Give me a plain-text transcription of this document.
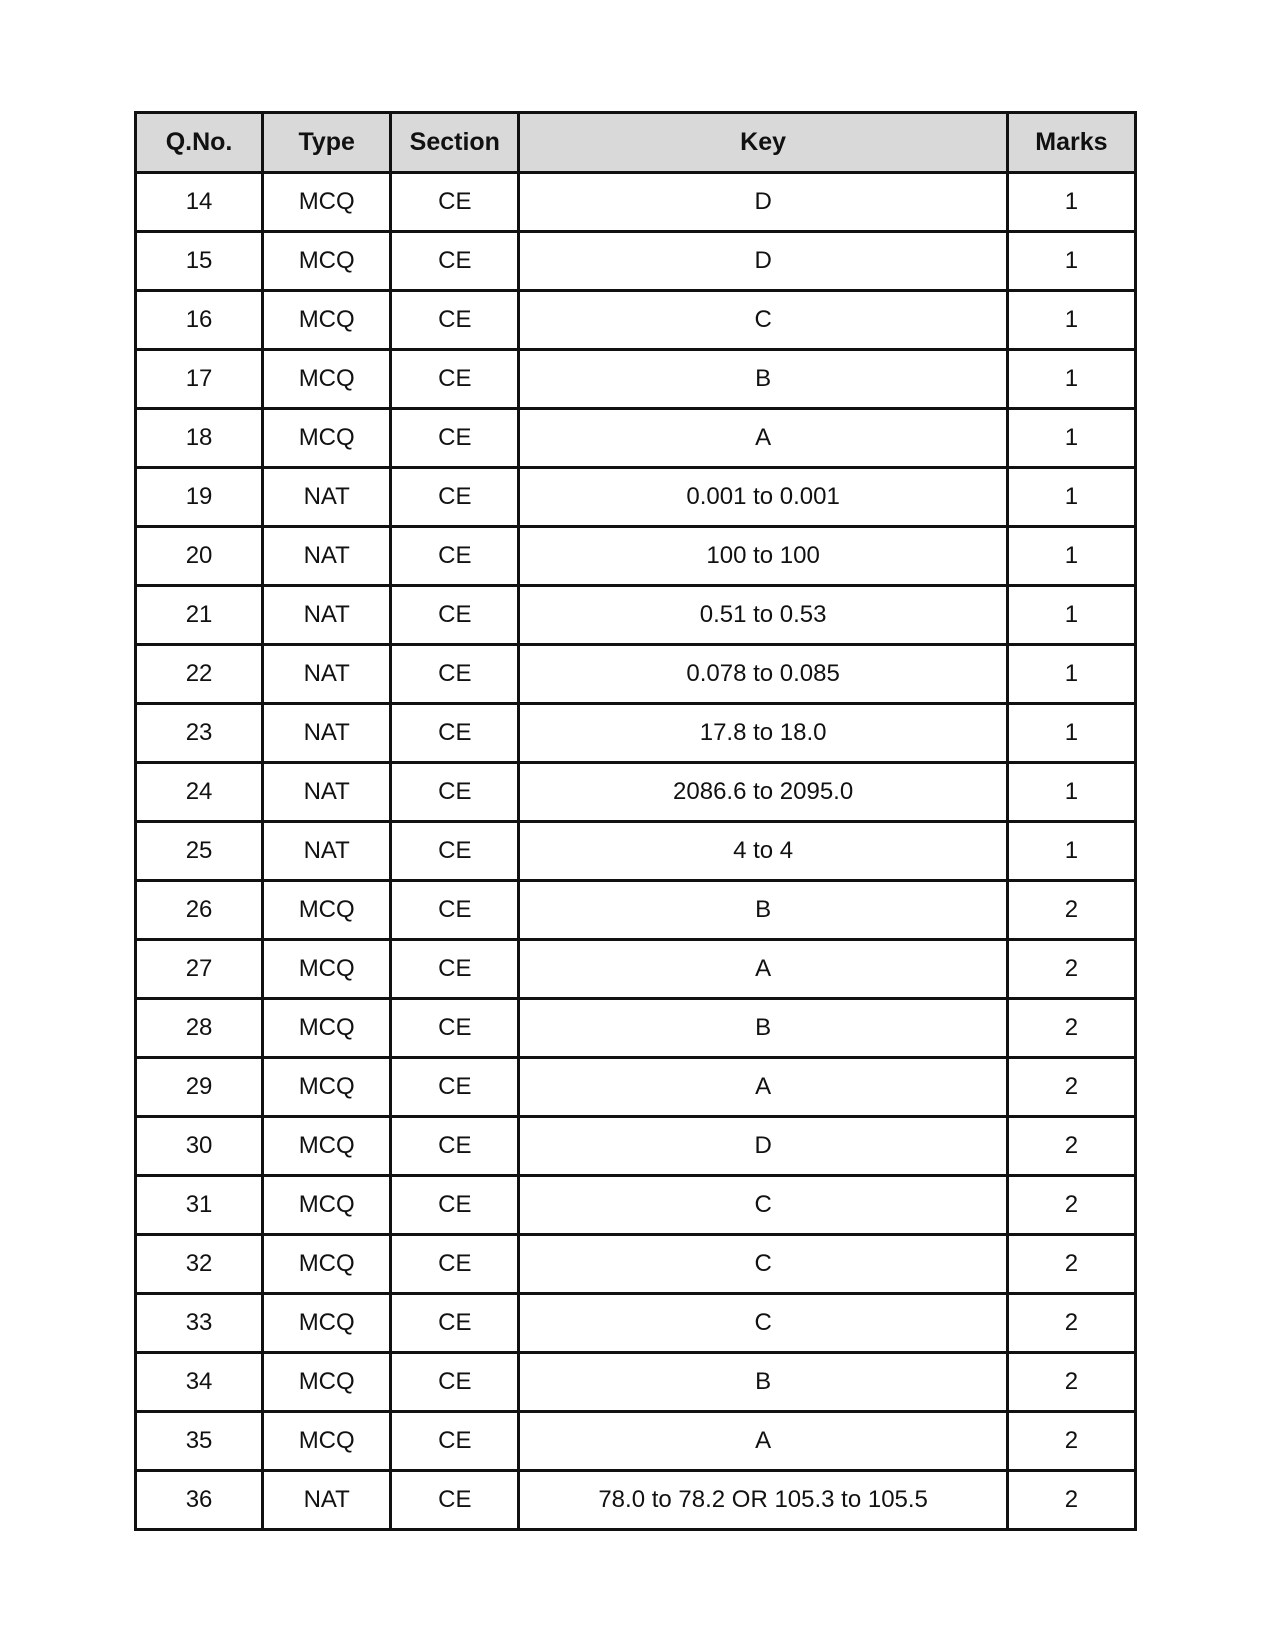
Q.No.	Type	Section	Key	Marks
14	MCQ	CE	D	1
15	MCQ	CE	D	1
16	MCQ	CE	C	1
17	MCQ	CE	B	1
18	MCQ	CE	A	1
19	NAT	CE	0.001 to 0.001	1
20	NAT	CE	100 to 100	1
21	NAT	CE	0.51 to 0.53	1
22	NAT	CE	0.078 to 0.085	1
23	NAT	CE	17.8 to 18.0	1
24	NAT	CE	2086.6 to 2095.0	1
25	NAT	CE	4 to 4	1
26	MCQ	CE	B	2
27	MCQ	CE	A	2
28	MCQ	CE	B	2
29	MCQ	CE	A	2
30	MCQ	CE	D	2
31	MCQ	CE	C	2
32	MCQ	CE	C	2
33	MCQ	CE	C	2
34	MCQ	CE	B	2
35	MCQ	CE	A	2
36	NAT	CE	78.0 to 78.2 OR 105.3 to 105.5	2
